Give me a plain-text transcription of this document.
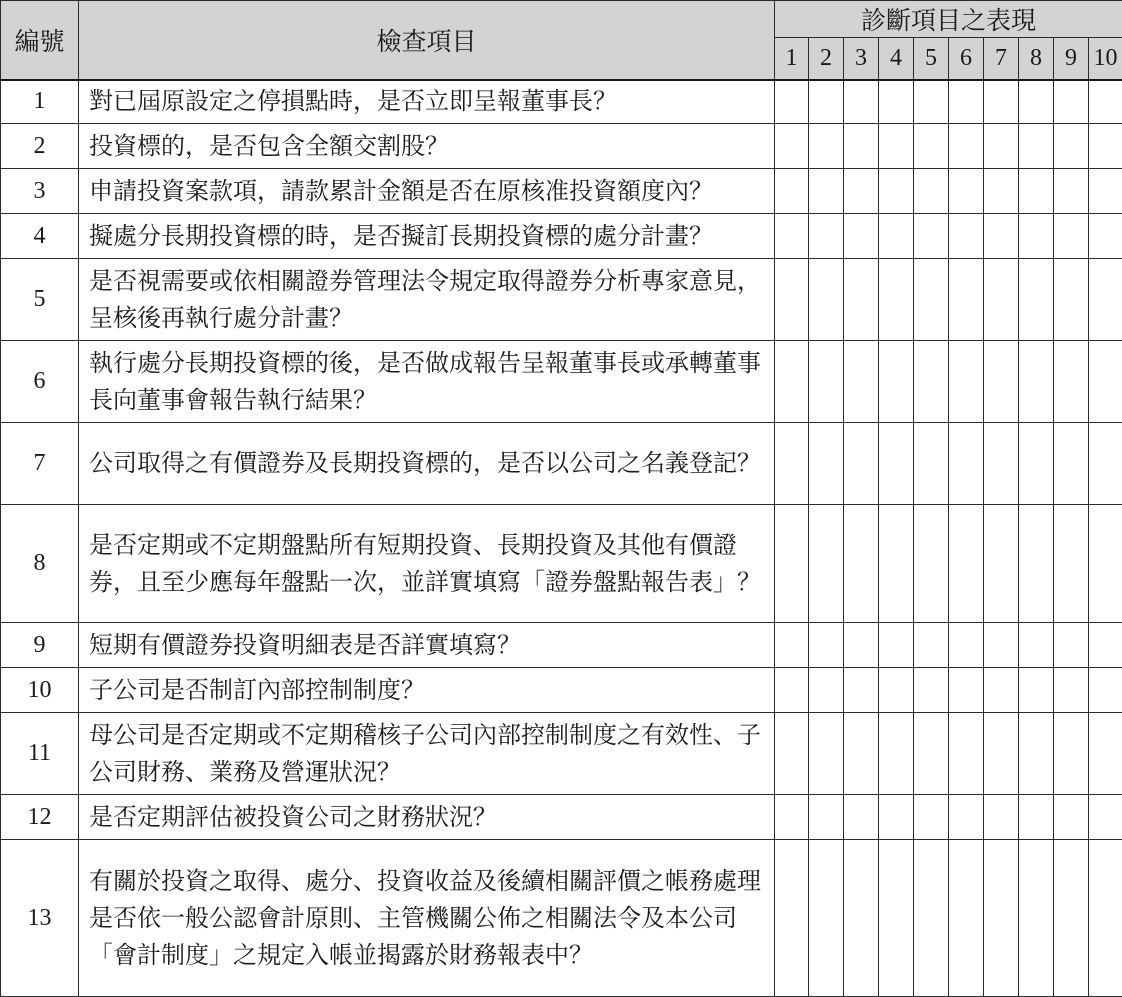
編號	檢查項目	診斷項目之表現									
		1	2	3	4	5	6	7	8	9	10
1	對已屆原設定之停損點時，是否立即呈報董事長？										
2	投資標的，是否包含全額交割股？										
3	申請投資案款項，請款累計金額是否在原核准投資額度內？										
4	擬處分長期投資標的時，是否擬訂長期投資標的處分計畫？										
5	是否視需要或依相關證券管理法令規定取得證券分析專家意見，呈核後再執行處分計畫？										
6	執行處分長期投資標的後，是否做成報告呈報董事長或承轉董事長向董事會報告執行結果？										
7	公司取得之有價證券及長期投資標的，是否以公司之名義登記？										
8	是否定期或不定期盤點所有短期投資、長期投資及其他有價證券，且至少應每年盤點一次，並詳實填寫「證券盤點報告表」？										
9	短期有價證券投資明細表是否詳實填寫？										
10	子公司是否制訂內部控制制度？										
11	母公司是否定期或不定期稽核子公司內部控制制度之有效性、子公司財務、業務及營運狀況？										
12	是否定期評估被投資公司之財務狀況？										
13	有關於投資之取得、處分、投資收益及後續相關評價之帳務處理是否依一般公認會計原則、主管機關公佈之相關法令及本公司「會計制度」之規定入帳並揭露於財務報表中？										
